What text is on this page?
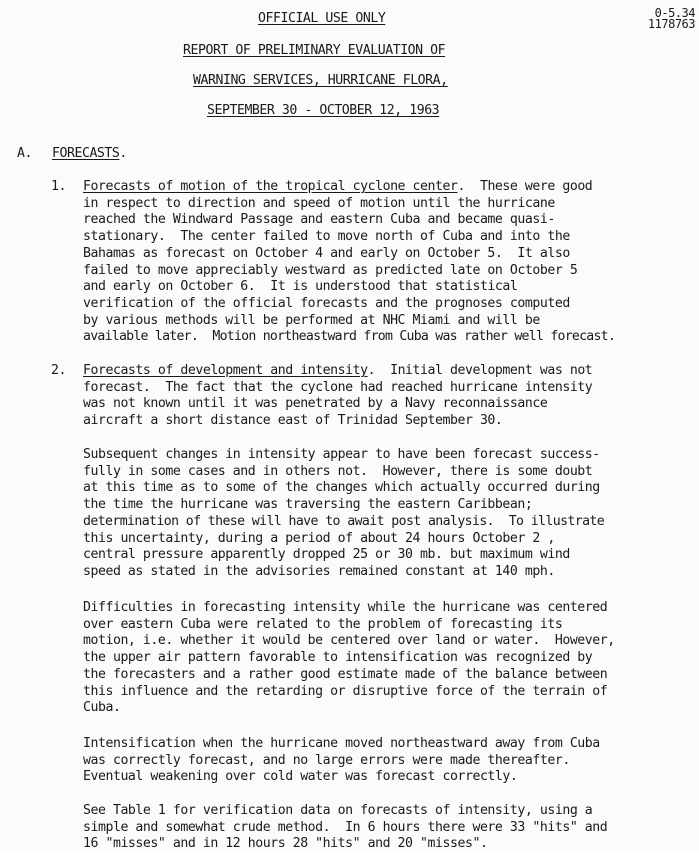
OFFICIAL USE ONLY	0-5.34
1178763
REPORT OF PRELIMINARY EVALUATION OF
WARNING SERVICES, HURRICANE FLORA,
SEPTEMBER 30 - OCTOBER 12, 1963
A. FORECASTS.
1. Forecasts of motion of the tropical cyclone center.  These were good
in respect to direction and speed of motion until the hurricane
reached the Windward Passage and eastern Cuba and became quasi-
stationary.  The center failed to move north of Cuba and into the
Bahamas as forecast on October 4 and early on October 5.  It also
failed to move appreciably westward as predicted late on October 5
and early on October 6.  It is understood that statistical
verification of the official forecasts and the prognoses computed
by various methods will be performed at NHC Miami and will be
available later.  Motion northeastward from Cuba was rather well forecast.
2. Forecasts of development and intensity.  Initial development was not
forecast.  The fact that the cyclone had reached hurricane intensity
was not known until it was penetrated by a Navy reconnaissance
aircraft a short distance east of Trinidad September 30.
Subsequent changes in intensity appear to have been forecast success-
fully in some cases and in others not.  However, there is some doubt
at this time as to some of the changes which actually occurred during
the time the hurricane was traversing the eastern Caribbean;
determination of these will have to await post analysis.  To illustrate
this uncertainty, during a period of about 24 hours October 2 ,
central pressure apparently dropped 25 or 30 mb. but maximum wind
speed as stated in the advisories remained constant at 140 mph.
Difficulties in forecasting intensity while the hurricane was centered
over eastern Cuba were related to the problem of forecasting its
motion, i.e. whether it would be centered over land or water.  However,
the upper air pattern favorable to intensification was recognized by
the forecasters and a rather good estimate made of the balance between
this influence and the retarding or disruptive force of the terrain of
Cuba.
Intensification when the hurricane moved northeastward away from Cuba
was correctly forecast, and no large errors were made thereafter.
Eventual weakening over cold water was forecast correctly.
See Table 1 for verification data on forecasts of intensity, using a
simple and somewhat crude method.  In 6 hours there were 33 "hits" and
16 "misses" and in 12 hours 28 "hits" and 20 "misses".
